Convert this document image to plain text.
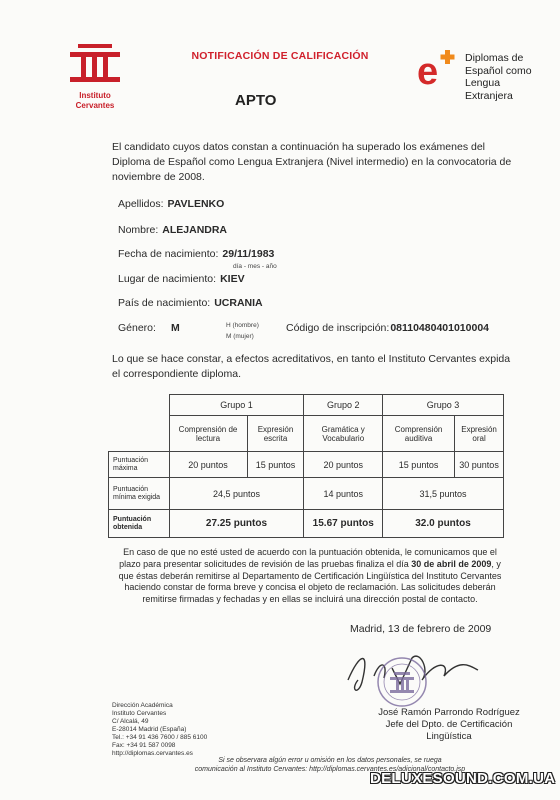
Instituto
Cervantes
NOTIFICACIÓN DE CALIFICACIÓN
APTO
e	Diplomas de
Español como
Lengua
Extranjera
El candidato cuyos datos constan a continuación ha superado los exámenes del Diploma de Español como Lengua Extranjera (Nivel intermedio) en la convocatoria de noviembre de 2008.
Apellidos: PAVLENKO
Nombre: ALEJANDRA
Fecha de nacimiento: 29/11/1983
día - mes - año
Lugar de nacimiento: KIEV
País de nacimiento: UCRANIA
Género: M	H (hombre)
M (mujer)
Código de inscripción:08110480401010004
Lo que se hace constar, a efectos acreditativos, en tanto el Instituto Cervantes expida el correspondiente diploma.
	Grupo 1		Grupo 2	Grupo 3	
	Comprensión de lectura	Expresión escrita	Gramática y Vocabulario	Comprensión auditiva	Expresión oral
Puntuación máxima	20 puntos	15 puntos	20 puntos	15 puntos	30 puntos
Puntuación mínima exigida	24,5 puntos		14 puntos	31,5 puntos	
Puntuación obtenida	27.25 puntos		15.67 puntos	32.0 puntos	
En caso de que no esté usted de acuerdo con la puntuación obtenida, le comunicamos que el plazo para presentar solicitudes de revisión de las pruebas finaliza el día 30 de abril de 2009, y que éstas deberán remitirse al Departamento de Certificación Lingüística del Instituto Cervantes haciendo constar de forma breve y concisa el objeto de reclamación. Las solicitudes deberán remitirse firmadas y fechadas y en ellas se incluirá una dirección postal de contacto.
Madrid, 13 de febrero de 2009
José Ramón Parrondo Rodríguez
Jefe del Dpto. de Certificación Lingüística
Dirección Académica
Instituto Cervantes
C/ Alcalá, 49
E-28014 Madrid (España)
Tel.: +34 91 436 7600 / 885 6100
Fax: +34 91 587 0098
http://diplomas.cervantes.es
Si se observara algún error u omisión en los datos personales, se ruega
comunicación al Instituto Cervantes: http://diplomas.cervantes.es/adicional/contacto.jsp
DELUXESOUND.COM.UA
